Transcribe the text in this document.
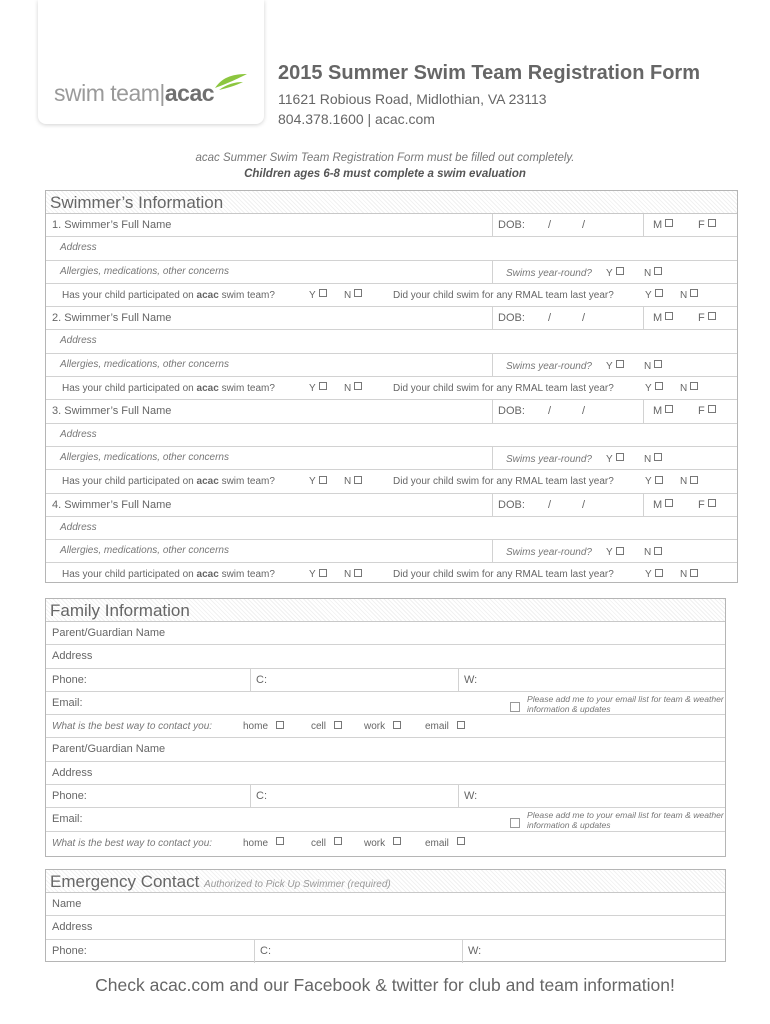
swim team|acac
2015 Summer Swim Team Registration Form
11621 Robious Road, Midlothian, VA 23113
804.378.1600 | acac.com
acac Summer Swim Team Registration Form must be filled out completely.
Children ages 6-8 must complete a swim evaluation
Swimmer’s Information
1. Swimmer’s Full Name	DOB: /	/	M	F
Address
Allergies, medications, other concerns	Swims year-round? Y	N
Has your child participated on acac swim team?	Y	N	Did your child swim for any RMAL team last year?	Y	N
2. Swimmer’s Full Name	DOB: /	/	M	F
Address
Allergies, medications, other concerns	Swims year-round? Y	N
Has your child participated on acac swim team?	Y	N	Did your child swim for any RMAL team last year?	Y	N
3. Swimmer’s Full Name	DOB: /	/	M	F
Address
Allergies, medications, other concerns	Swims year-round? Y	N
Has your child participated on acac swim team?	Y	N	Did your child swim for any RMAL team last year?	Y	N
4. Swimmer’s Full Name	DOB: /	/	M	F
Address
Allergies, medications, other concerns	Swims year-round? Y	N
Has your child participated on acac swim team?	Y	N	Did your child swim for any RMAL team last year?	Y	N
Family Information
Parent/Guardian Name
Address
Phone:	C:	W:
Email:	Please add me to your email list for team & weather information & updates
What is the best way to contact you:	home	cell	work	email
Parent/Guardian Name
Address
Phone:	C:	W:
Email:	Please add me to your email list for team & weather information & updates
What is the best way to contact you:	home	cell	work	email
Emergency Contact Authorized to Pick Up Swimmer (required)
Name
Address
Phone:	C:	W:
Check acac.com and our Facebook & twitter for club and team information!
